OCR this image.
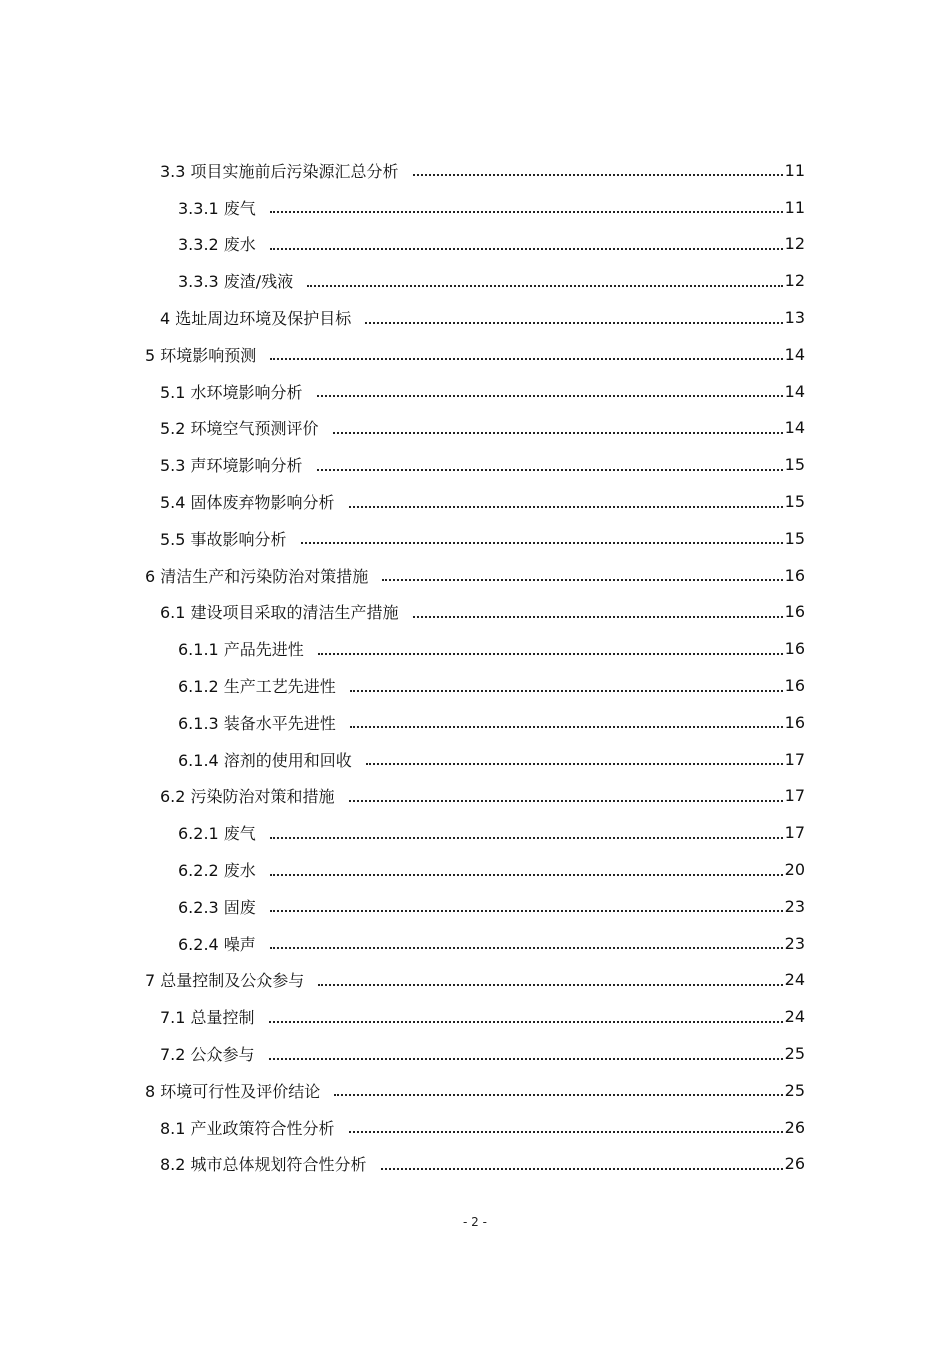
3.3 项目实施前后污染源汇总分析	11
3.3.1 废气	11
3.3.2 废水	12
3.3.3 废渣/残液	12
4 选址周边环境及保护目标	13
5 环境影响预测	14
5.1 水环境影响分析	14
5.2 环境空气预测评价	14
5.3 声环境影响分析	15
5.4 固体废弃物影响分析	15
5.5 事故影响分析	15
6 清洁生产和污染防治对策措施	16
6.1 建设项目采取的清洁生产措施	16
6.1.1 产品先进性	16
6.1.2 生产工艺先进性	16
6.1.3 装备水平先进性	16
6.1.4 溶剂的使用和回收	17
6.2 污染防治对策和措施	17
6.2.1 废气	17
6.2.2 废水	20
6.2.3 固废	23
6.2.4 噪声	23
7 总量控制及公众参与	24
7.1 总量控制	24
7.2 公众参与	25
8 环境可行性及评价结论	25
8.1 产业政策符合性分析	26
8.2 城市总体规划符合性分析	26
- 2 -
